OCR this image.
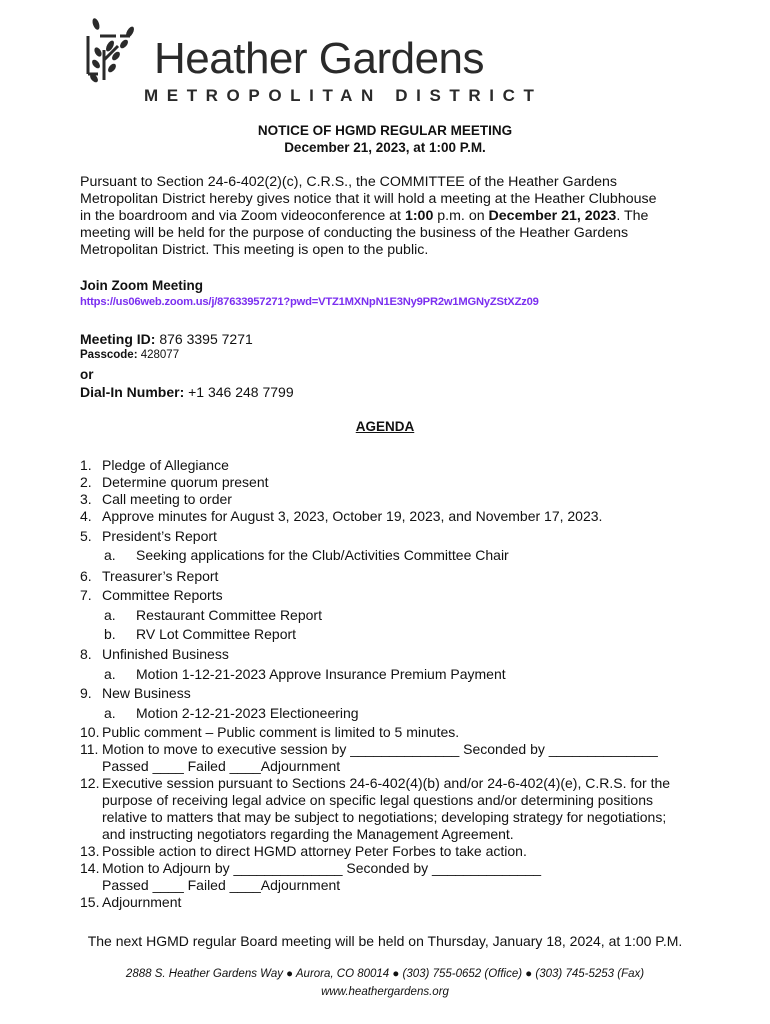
Heather Gardens
METROPOLITAN DISTRICT
NOTICE OF HGMD REGULAR MEETING
December 21, 2023, at 1:00 P.M.
Pursuant to Section 24-6-402(2)(c), C.R.S., the COMMITTEE of the Heather Gardens
Metropolitan District hereby gives notice that it will hold a meeting at the Heather Clubhouse
in the boardroom and via Zoom videoconference at 1:00 p.m. on December 21, 2023. The
meeting will be held for the purpose of conducting the business of the Heather Gardens
Metropolitan District. This meeting is open to the public.
Join Zoom Meeting
https://us06web.zoom.us/j/87633957271?pwd=VTZ1MXNpN1E3Ny9PR2w1MGNyZStXZz09
Meeting ID: 876 3395 7271
Passcode: 428077
or
Dial-In Number: +1 346 248 7799
AGENDA
1. Pledge of Allegiance
2. Determine quorum present
3. Call meeting to order
4. Approve minutes for August 3, 2023, October 19, 2023, and November 17, 2023.
5. President’s Report
a. Seeking applications for the Club/Activities Committee Chair
6. Treasurer’s Report
7. Committee Reports
a. Restaurant Committee Report
b. RV Lot Committee Report
8. Unfinished Business
a. Motion 1-12-21-2023 Approve Insurance Premium Payment
9. New Business
a. Motion 2-12-21-2023 Electioneering
10. Public comment – Public comment is limited to 5 minutes.
11. Motion to move to executive session by ______________ Seconded by ______________
Passed ____ Failed ____Adjournment
12. Executive session pursuant to Sections 24-6-402(4)(b) and/or 24-6-402(4)(e), C.R.S. for the
purpose of receiving legal advice on specific legal questions and/or determining positions
relative to matters that may be subject to negotiations; developing strategy for negotiations;
and instructing negotiators regarding the Management Agreement.
13. Possible action to direct HGMD attorney Peter Forbes to take action.
14. Motion to Adjourn by ______________ Seconded by ______________
Passed ____ Failed ____Adjournment
15. Adjournment
The next HGMD regular Board meeting will be held on Thursday, January 18, 2024, at 1:00 P.M.
2888 S. Heather Gardens Way ● Aurora, CO 80014 ● (303) 755-0652 (Office) ● (303) 745-5253 (Fax)
www.heathergardens.org
